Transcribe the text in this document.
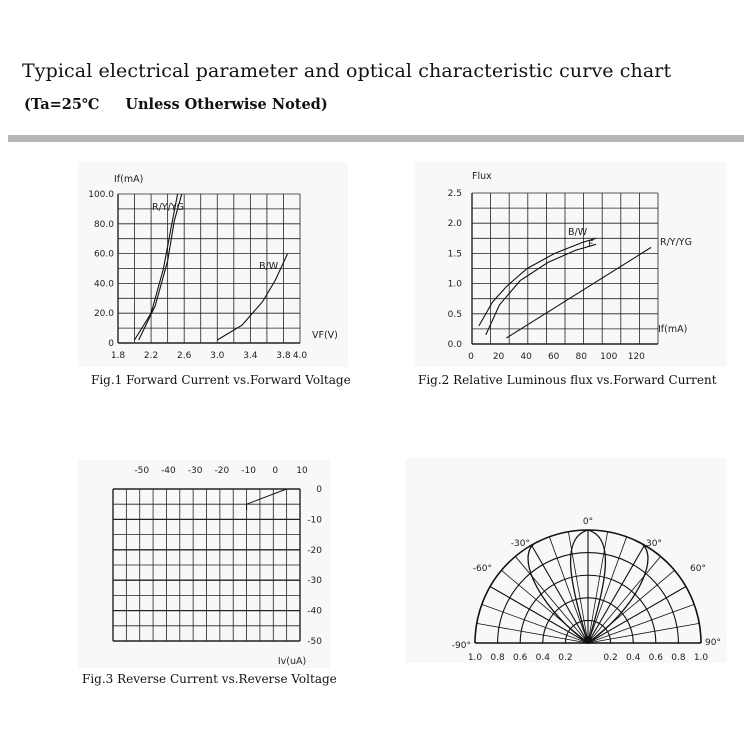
Typical electrical parameter and optical characteristic curve chart
(Ta=25℃ Unless Otherwise Noted)
0
20.0
40.0
60.0
80.0
100.0
1.8 2.2 2.6 3.0 3.4 3.8 4.0
If(mA)
VF(V)
R/Y/YG
B/W
0.0
0.5
1.0
1.5
2.0
2.5
0 20 40 60 80 100 120
Flux
If(mA)
B/W
F	R/Y/YG
-50 -40 -30 -20 -10 0 10
0
-10
-20
-30
-40
-50
Iv(uA)
0°
-30°	30°
-60°	60°
-90°	90°
1.0 0.8 0.6 0.4 0.2	0.2 0.4 0.6 0.8 1.0
Fig.1 Forward Current vs.Forward Voltage	Fig.2 Relative Luminous flux vs.Forward Current
Fig.3 Reverse Current vs.Reverse Voltage
